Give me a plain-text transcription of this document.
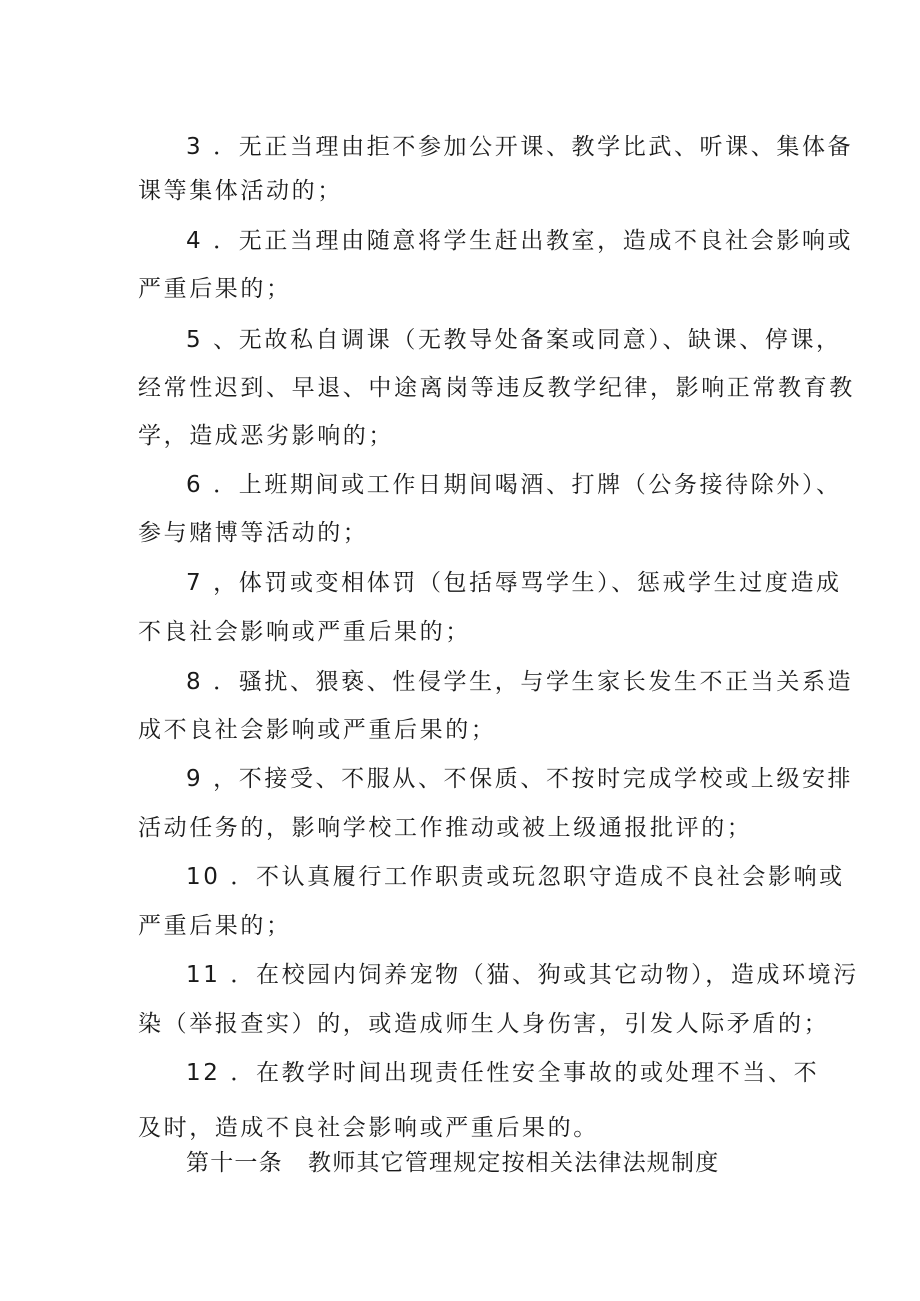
3 ．无正当理由拒不参加公开课、教学比武、听课、集体备
课等集体活动的；
4 ．无正当理由随意将学生赶出教室，造成不良社会影响或
严重后果的；
5 、无故私自调课（无教导处备案或同意）、缺课、停课，
经常性迟到、早退、中途离岗等违反教学纪律，影响正常教育教
学，造成恶劣影响的；
6 ．上班期间或工作日期间喝酒、打牌（公务接待除外）、
参与赌博等活动的；
7 ，体罚或变相体罚（包括辱骂学生）、惩戒学生过度造成
不良社会影响或严重后果的；
8 ．骚扰、猥亵、性侵学生，与学生家长发生不正当关系造
成不良社会影响或严重后果的；
9 ，不接受、不服从、不保质、不按时完成学校或上级安排
活动任务的，影响学校工作推动或被上级通报批评的；
10 ．不认真履行工作职责或玩忽职守造成不良社会影响或
严重后果的；
11 ．在校园内饲养宠物（猫、狗或其它动物），造成环境污
染（举报查实）的，或造成师生人身伤害，引发人际矛盾的；
12 ．在教学时间出现责任性安全事故的或处理不当、不
及时，造成不良社会影响或严重后果的。
第十一条 教师其它管理规定按相关法律法规制度
